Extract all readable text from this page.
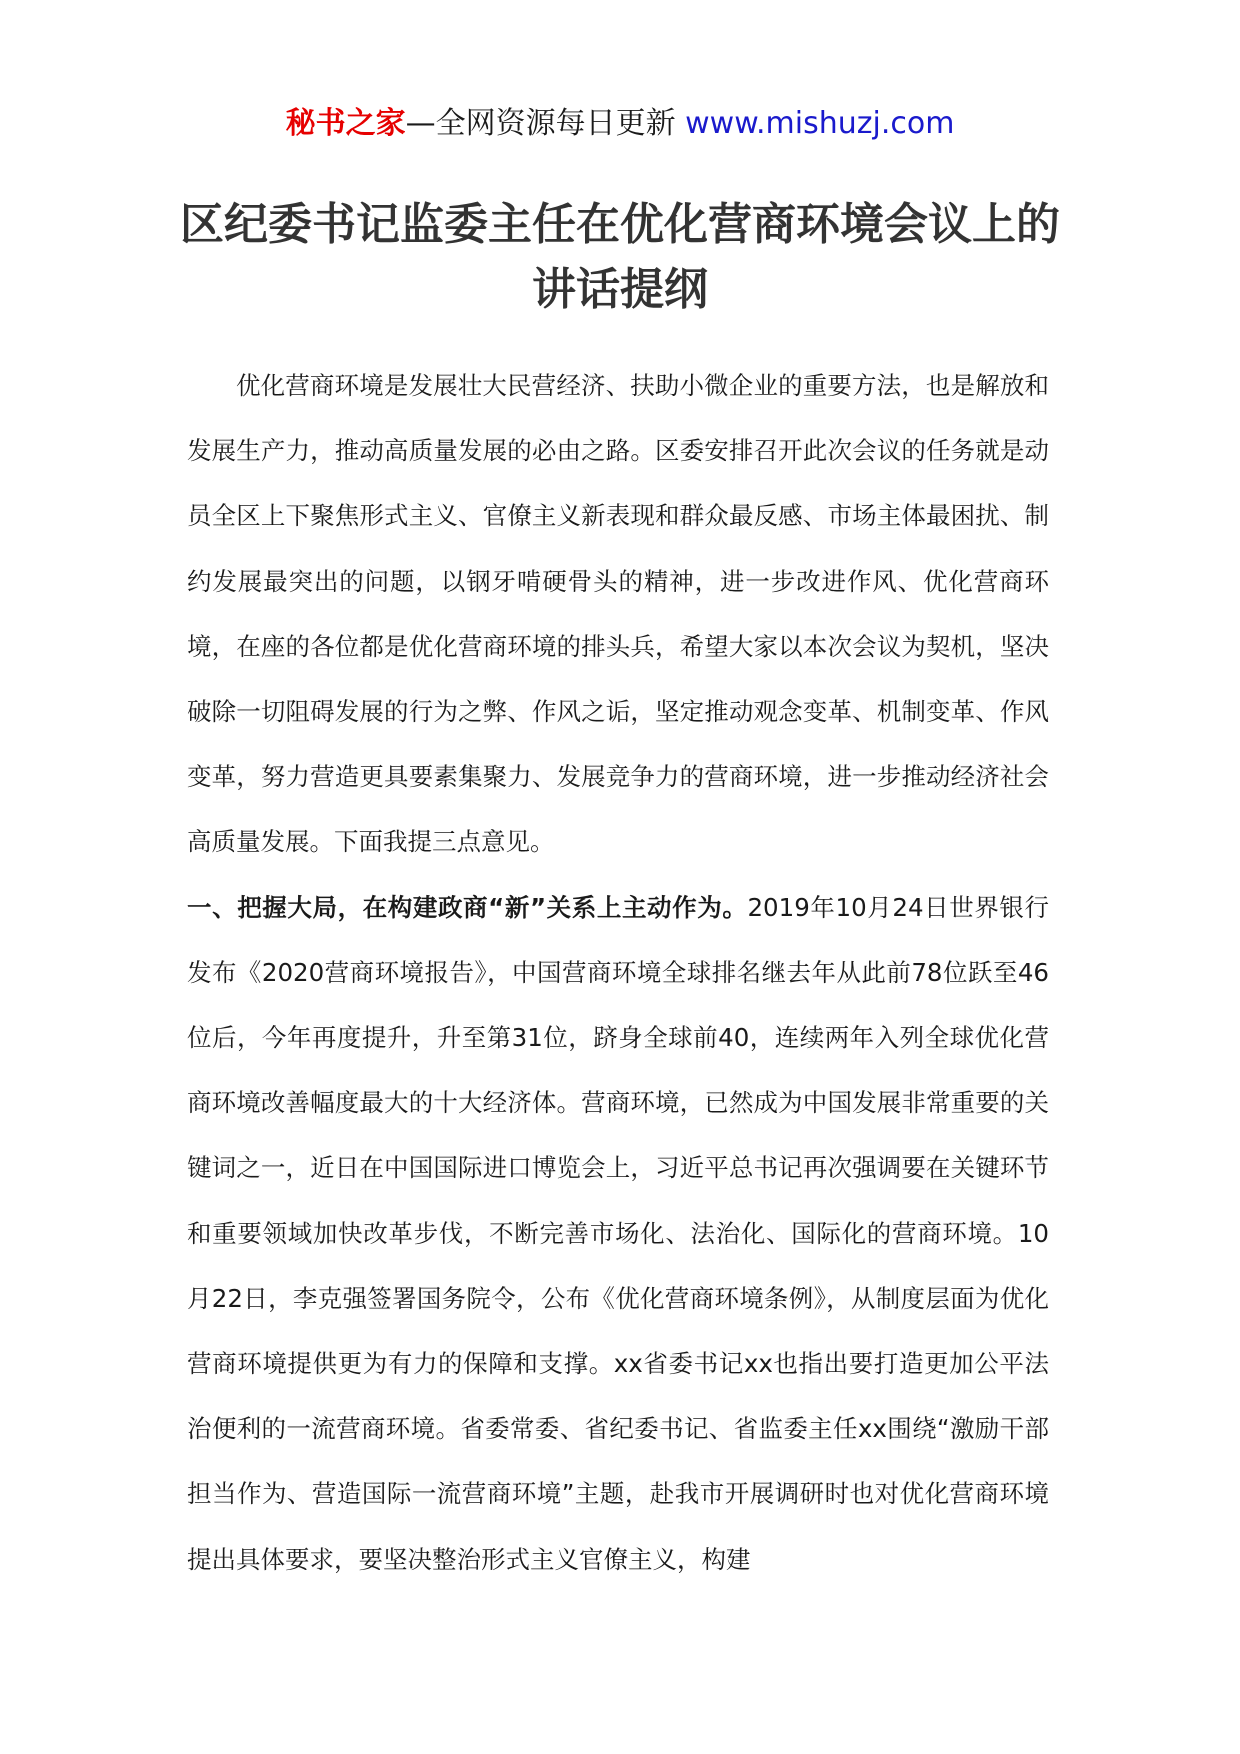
秘书之家—全网资源每日更新 www.mishuzj.com
区纪委书记监委主任在优化营商环境会议上的讲话提纲

优化营商环境是发展壮大民营经济、扶助小微企业的重要方法，也是解放和发展生产力，推动高质量发展的必由之路。区委安排召开此次会议的任务就是动员全区上下聚焦形式主义、官僚主义新表现和群众最反感、市场主体最困扰、制约发展最突出的问题，以钢牙啃硬骨头的精神，进一步改进作风、优化营商环境，在座的各位都是优化营商环境的排头兵，希望大家以本次会议为契机，坚决破除一切阻碍发展的行为之弊、作风之诟，坚定推动观念变革、机制变革、作风变革，努力营造更具要素集聚力、发展竞争力的营商环境，进一步推动经济社会高质量发展。下面我提三点意见。

一、把握大局，在构建政商“新”关系上主动作为。2019年10月24日世界银行发布《2020营商环境报告》，中国营商环境全球排名继去年从此前78位跃至46位后，今年再度提升，升至第31位，跻身全球前40，连续两年入列全球优化营商环境改善幅度最大的十大经济体。营商环境，已然成为中国发展非常重要的关键词之一，近日在中国国际进口博览会上，习近平总书记再次强调要在关键环节和重要领域加快改革步伐，不断完善市场化、法治化、国际化的营商环境。10月22日，李克强签署国务院令，公布《优化营商环境条例》，从制度层面为优化营商环境提供更为有力的保障和支撑。xx省委书记xx也指出要打造更加公平法治便利的一流营商环境。省委常委、省纪委书记、省监委主任xx围绕“激励干部担当作为、营造国际一流营商环境”主题，赴我市开展调研时也对优化营商环境提出具体要求，要坚决整治形式主义官僚主义，构建
